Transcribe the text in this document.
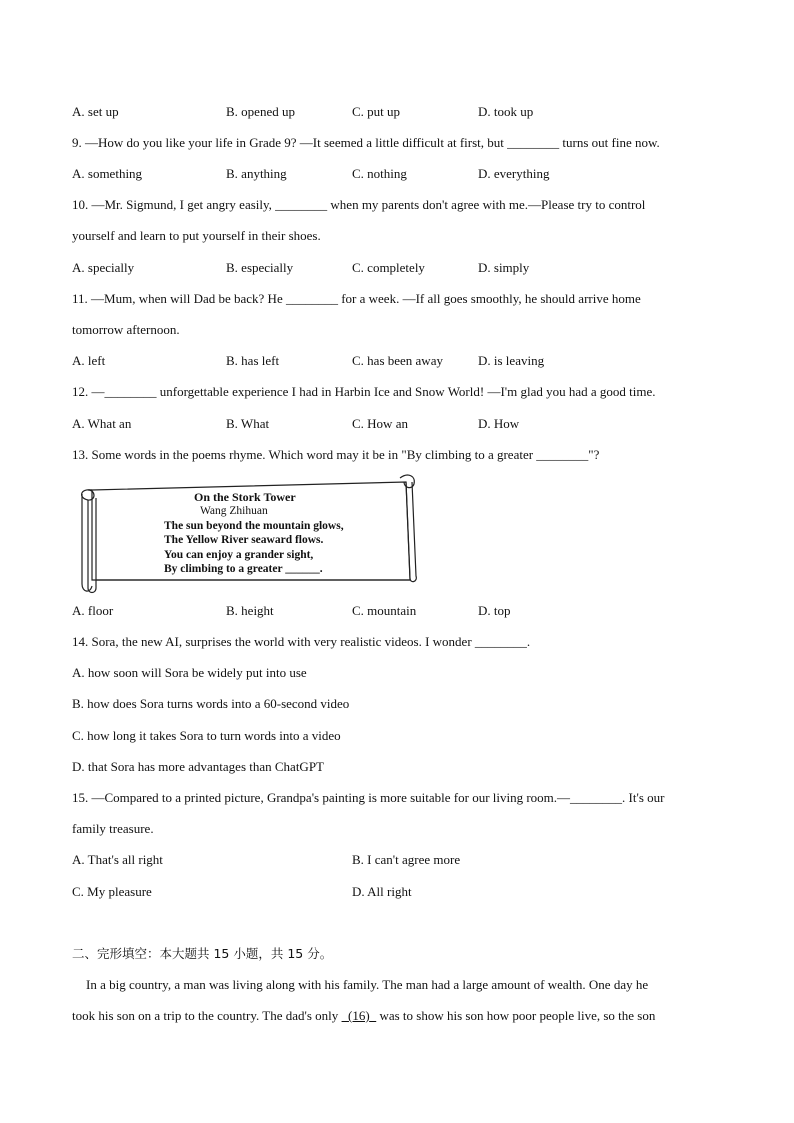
A. set up	B. opened up	C. put up	D. took up
9. —How do you like your life in Grade 9? —It seemed a little difficult at first, but ________ turns out fine now.
A. something	B. anything	C. nothing	D. everything
10. —Mr. Sigmund, I get angry easily, ________ when my parents don't agree with me.—Please try to control
yourself and learn to put yourself in their shoes.
A. specially	B. especially	C. completely	D. simply
11. —Mum, when will Dad be back? He ________ for a week. —If all goes smoothly, he should arrive home
tomorrow afternoon.
A. left	B. has left	C. has been away	D. is leaving
12. —________ unforgettable experience I had in Harbin Ice and Snow World! —I'm glad you had a good time.
A. What an	B. What	C. How an	D. How
13. Some words in the poems rhyme. Which word may it be in "By climbing to a greater ________"?
On the Stork Tower
Wang Zhihuan
The sun beyond the mountain glows,
The Yellow River seaward flows.
You can enjoy a grander sight,
By climbing to a greater ______.
A. floor	B. height	C. mountain	D. top
14. Sora, the new AI, surprises the world with very realistic videos. I wonder ________.
A. how soon will Sora be widely put into use
B. how does Sora turns words into a 60-second video
C. how long it takes Sora to turn words into a video
D. that Sora has more advantages than ChatGPT
15. —Compared to a printed picture, Grandpa's painting is more suitable for our living room.—________. It's our
family treasure.
A. That's all right	B. I can't agree more
C. My pleasure	D. All right
二、完形填空：本大题共 15 小题，共 15 分。
In a big country, a man was living along with his family. The man had a large amount of wealth. One day he
took his son on a trip to the country. The dad's only   (16)   was to show his son how poor people live, so the son
